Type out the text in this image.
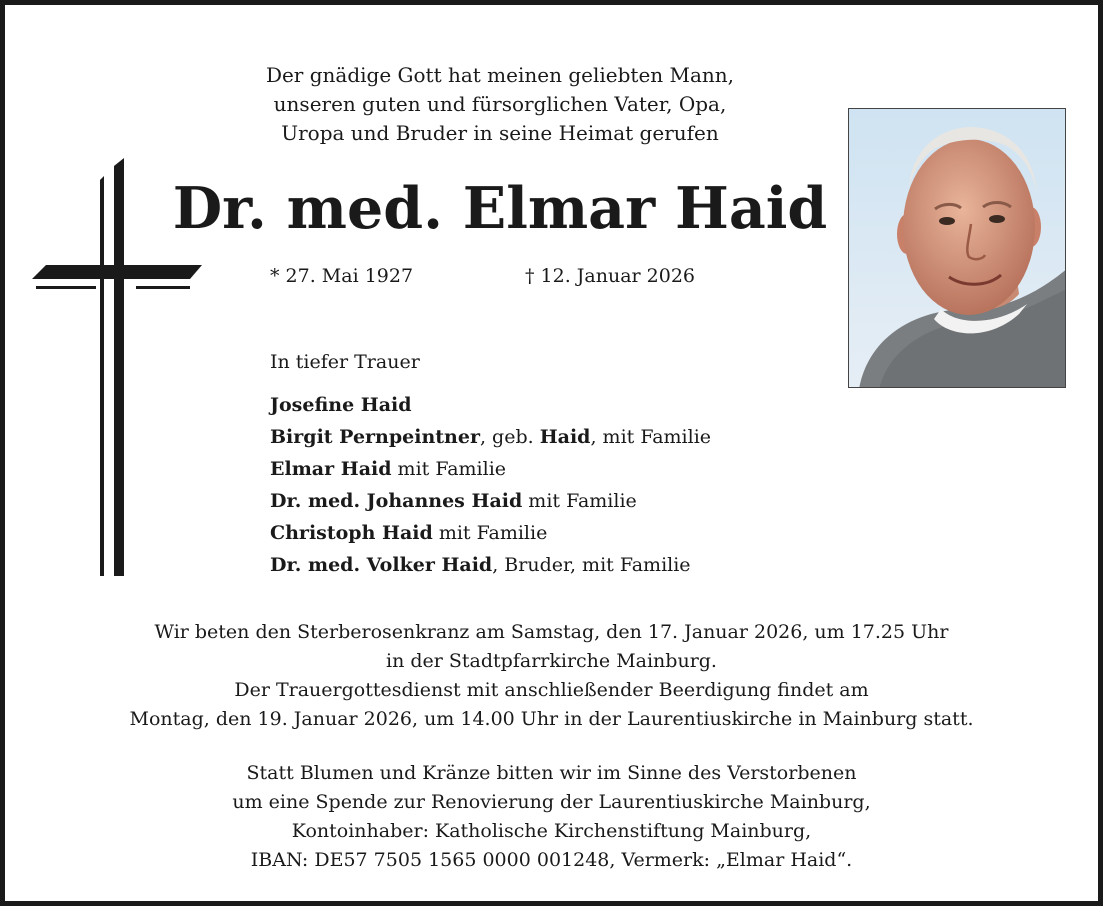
Der gnädige Gott hat meinen geliebten Mann,
unseren guten und fürsorglichen Vater, Opa,
Uropa und Bruder in seine Heimat gerufen
Dr. med. Elmar Haid
* 27. Mai 1927	† 12. Januar 2026
In tiefer Trauer
Josefine Haid
Birgit Pernpeintner, geb. Haid, mit Familie
Elmar Haid mit Familie
Dr. med. Johannes Haid mit Familie
Christoph Haid mit Familie
Dr. med. Volker Haid, Bruder, mit Familie
Wir beten den Sterberosenkranz am Samstag, den 17. Januar 2026, um 17.25 Uhr
in der Stadtpfarrkirche Mainburg.
Der Trauergottesdienst mit anschließender Beerdigung findet am
Montag, den 19. Januar 2026, um 14.00 Uhr in der Laurentiuskirche in Mainburg statt.
Statt Blumen und Kränze bitten wir im Sinne des Verstorbenen
um eine Spende zur Renovierung der Laurentiuskirche Mainburg,
Kontoinhaber: Katholische Kirchenstiftung Mainburg,
IBAN: DE57 7505 1565 0000 001248, Vermerk: „Elmar Haid“.
